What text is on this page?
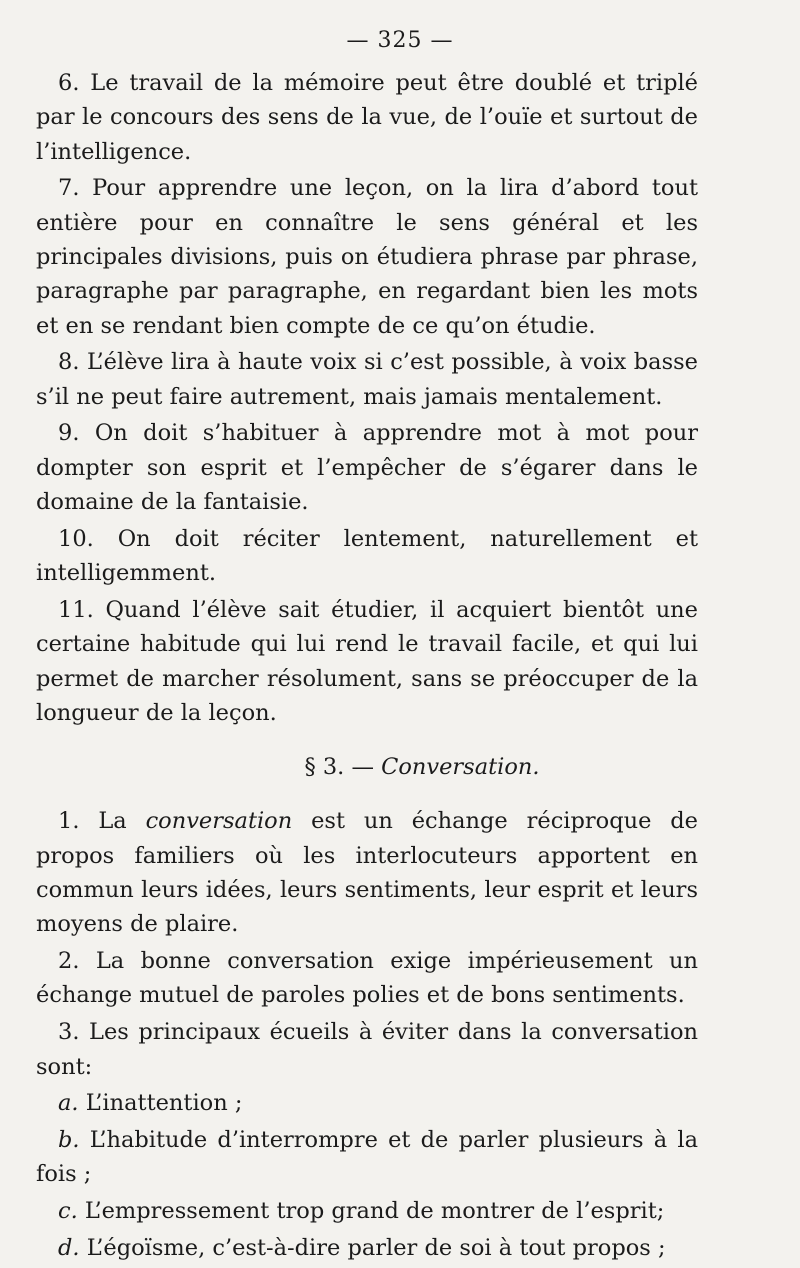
— 325 —

6. Le travail de la mémoire peut être doublé et triplé par le concours des sens de la vue, de l’ouïe et surtout de l’intelligence.

7. Pour apprendre une leçon, on la lira d’abord tout entière pour en connaître le sens général et les principales divisions, puis on étudiera phrase par phrase, paragraphe par paragraphe, en regardant bien les mots et en se rendant bien compte de ce qu’on étudie.

8. L’élève lira à haute voix si c’est possible, à voix basse s’il ne peut faire autrement, mais jamais mentalement.

9. On doit s’habituer à apprendre mot à mot pour dompter son esprit et l’empêcher de s’égarer dans le domaine de la fantaisie.

10. On doit réciter lentement, naturellement et intelligemment.

11. Quand l’élève sait étudier, il acquiert bientôt une certaine habitude qui lui rend le travail facile, et qui lui permet de marcher résolument, sans se préoccuper de la longueur de la leçon.

§ 3. — Conversation.

1. La conversation est un échange réciproque de propos familiers où les interlocuteurs apportent en commun leurs idées, leurs sentiments, leur esprit et leurs moyens de plaire.

2. La bonne conversation exige impérieusement un échange mutuel de paroles polies et de bons sentiments.

3. Les principaux écueils à éviter dans la conversation sont:

a. L’inattention ;

b. L’habitude d’interrompre et de parler plusieurs à la fois ;

c. L’empressement trop grand de montrer de l’esprit;

d. L’égoïsme, c’est-à-dire parler de soi à tout propos ;
